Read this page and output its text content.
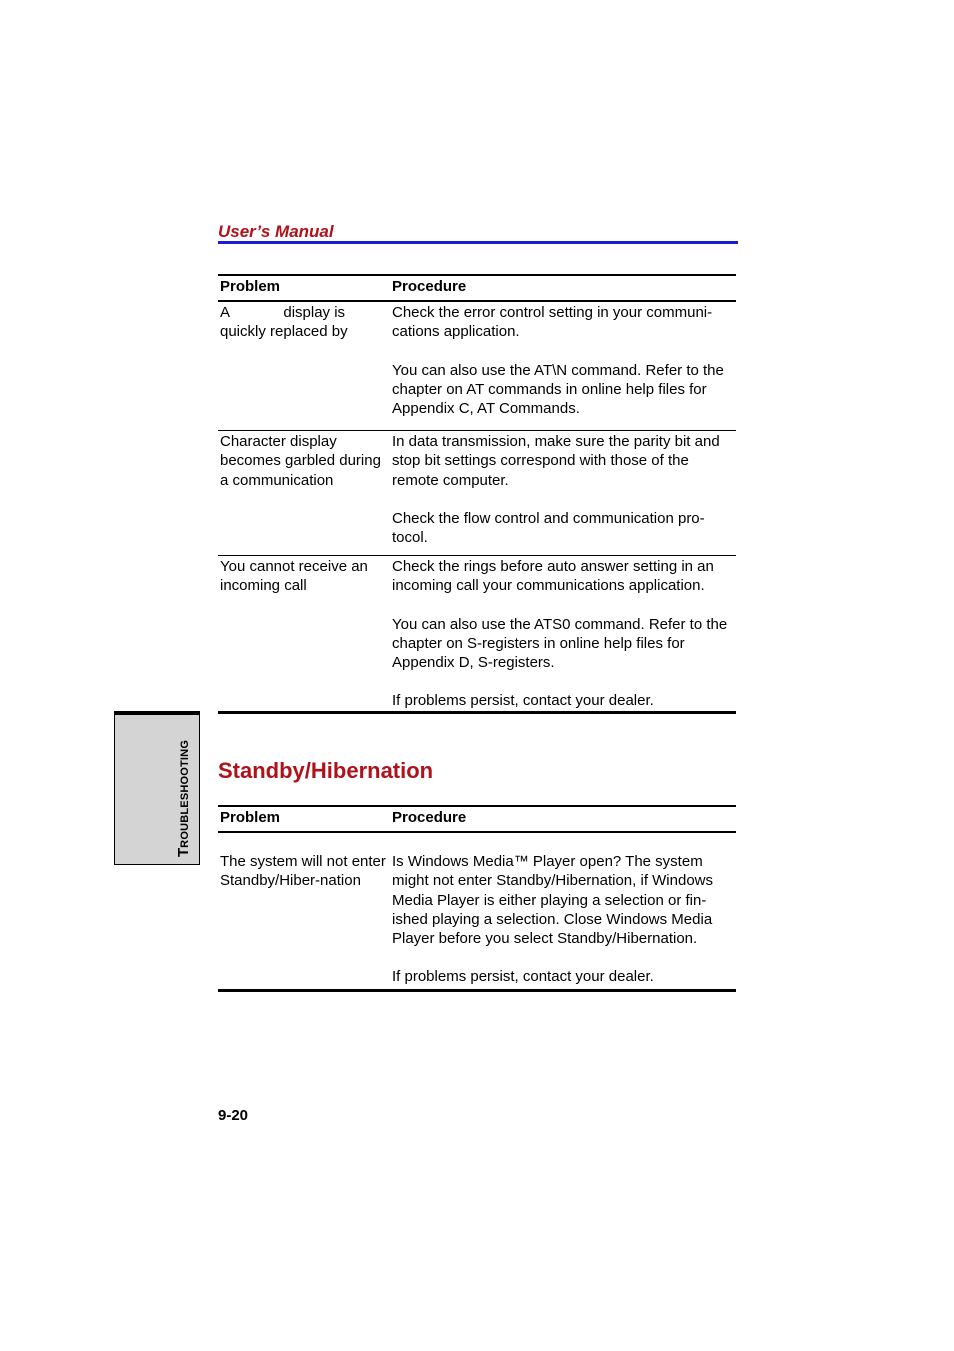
User’s Manual
TROUBLESHOOTING
Problem	Procedure
A             display is quickly replaced by	Check the error control setting in your communi-cations application.

You can also use the AT\N command. Refer to the chapter on AT commands in online help files for Appendix C, AT Commands.

Character display becomes garbled during a communication	In data transmission, make sure the parity bit and stop bit settings correspond with those of the remote computer.

Check the flow control and communication pro-tocol.

You cannot receive an incoming call	Check the rings before auto answer setting in an incoming call your communications application.

You can also use the ATS0 command. Refer to the chapter on S-registers in online help files for Appendix D, S-registers.

If problems persist, contact your dealer.

Standby/Hibernation
Problem	Procedure
The system will not enter Standby/Hiber-nation	Is Windows Media™ Player open? The system might not enter Standby/Hibernation, if Windows Media Player is either playing a selection or fin-ished playing a selection. Close Windows Media Player before you select Standby/Hibernation.

If problems persist, contact your dealer.

9-20
